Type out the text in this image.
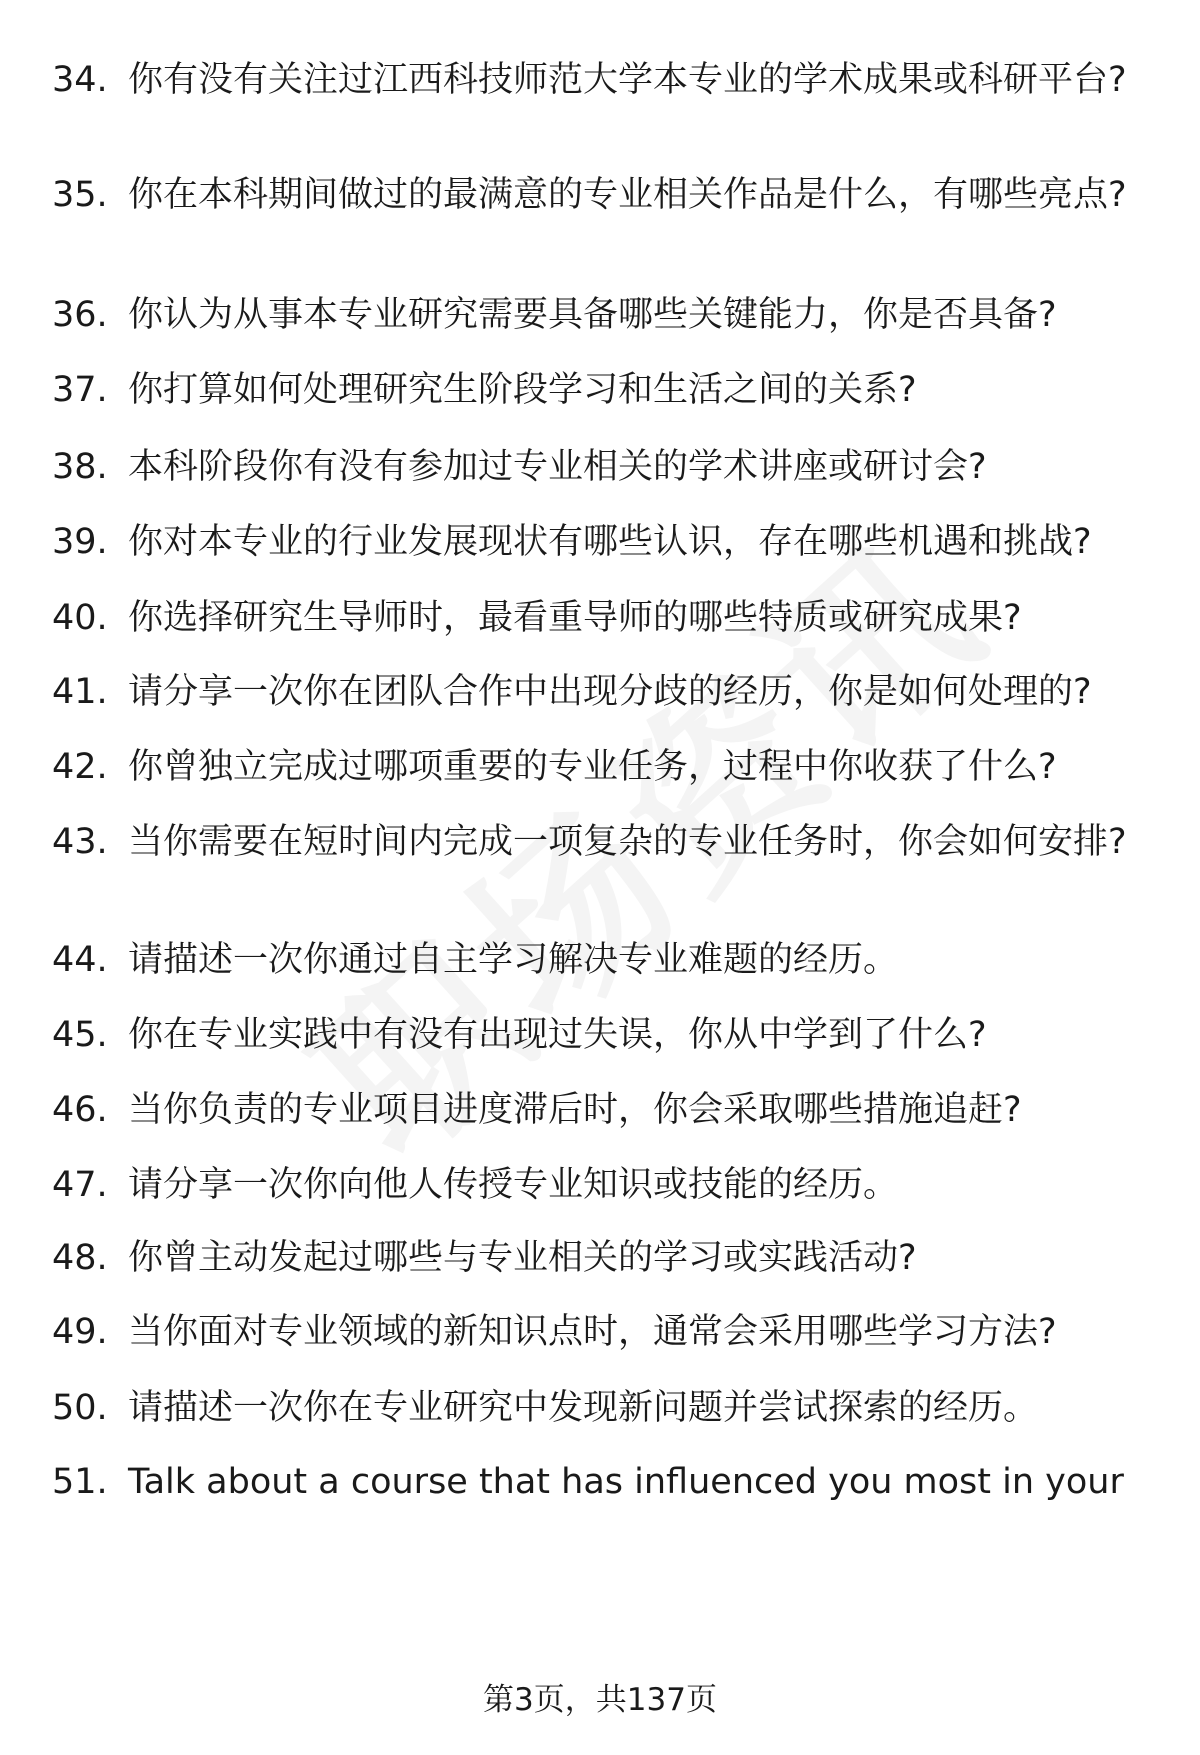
34. 你有没有关注过江西科技师范大学本专业的学术成果或科研平台?
35. 你在本科期间做过的最满意的专业相关作品是什么，有哪些亮点?
36. 你认为从事本专业研究需要具备哪些关键能力，你是否具备?
37. 你打算如何处理研究生阶段学习和生活之间的关系?
38. 本科阶段你有没有参加过专业相关的学术讲座或研讨会?
39. 你对本专业的行业发展现状有哪些认识，存在哪些机遇和挑战?
40. 你选择研究生导师时，最看重导师的哪些特质或研究成果?
41. 请分享一次你在团队合作中出现分歧的经历，你是如何处理的?
42. 你曾独立完成过哪项重要的专业任务，过程中你收获了什么?
43. 当你需要在短时间内完成一项复杂的专业任务时，你会如何安排?
44. 请描述一次你通过自主学习解决专业难题的经历。
45. 你在专业实践中有没有出现过失误，你从中学到了什么?
46. 当你负责的专业项目进度滞后时，你会采取哪些措施追赶?
47. 请分享一次你向他人传授专业知识或技能的经历。
48. 你曾主动发起过哪些与专业相关的学习或实践活动?
49. 当你面对专业领域的新知识点时，通常会采用哪些学习方法?
50. 请描述一次你在专业研究中发现新问题并尝试探索的经历。
51. Talk about a course that has influenced you most in your
第3页，共137页
